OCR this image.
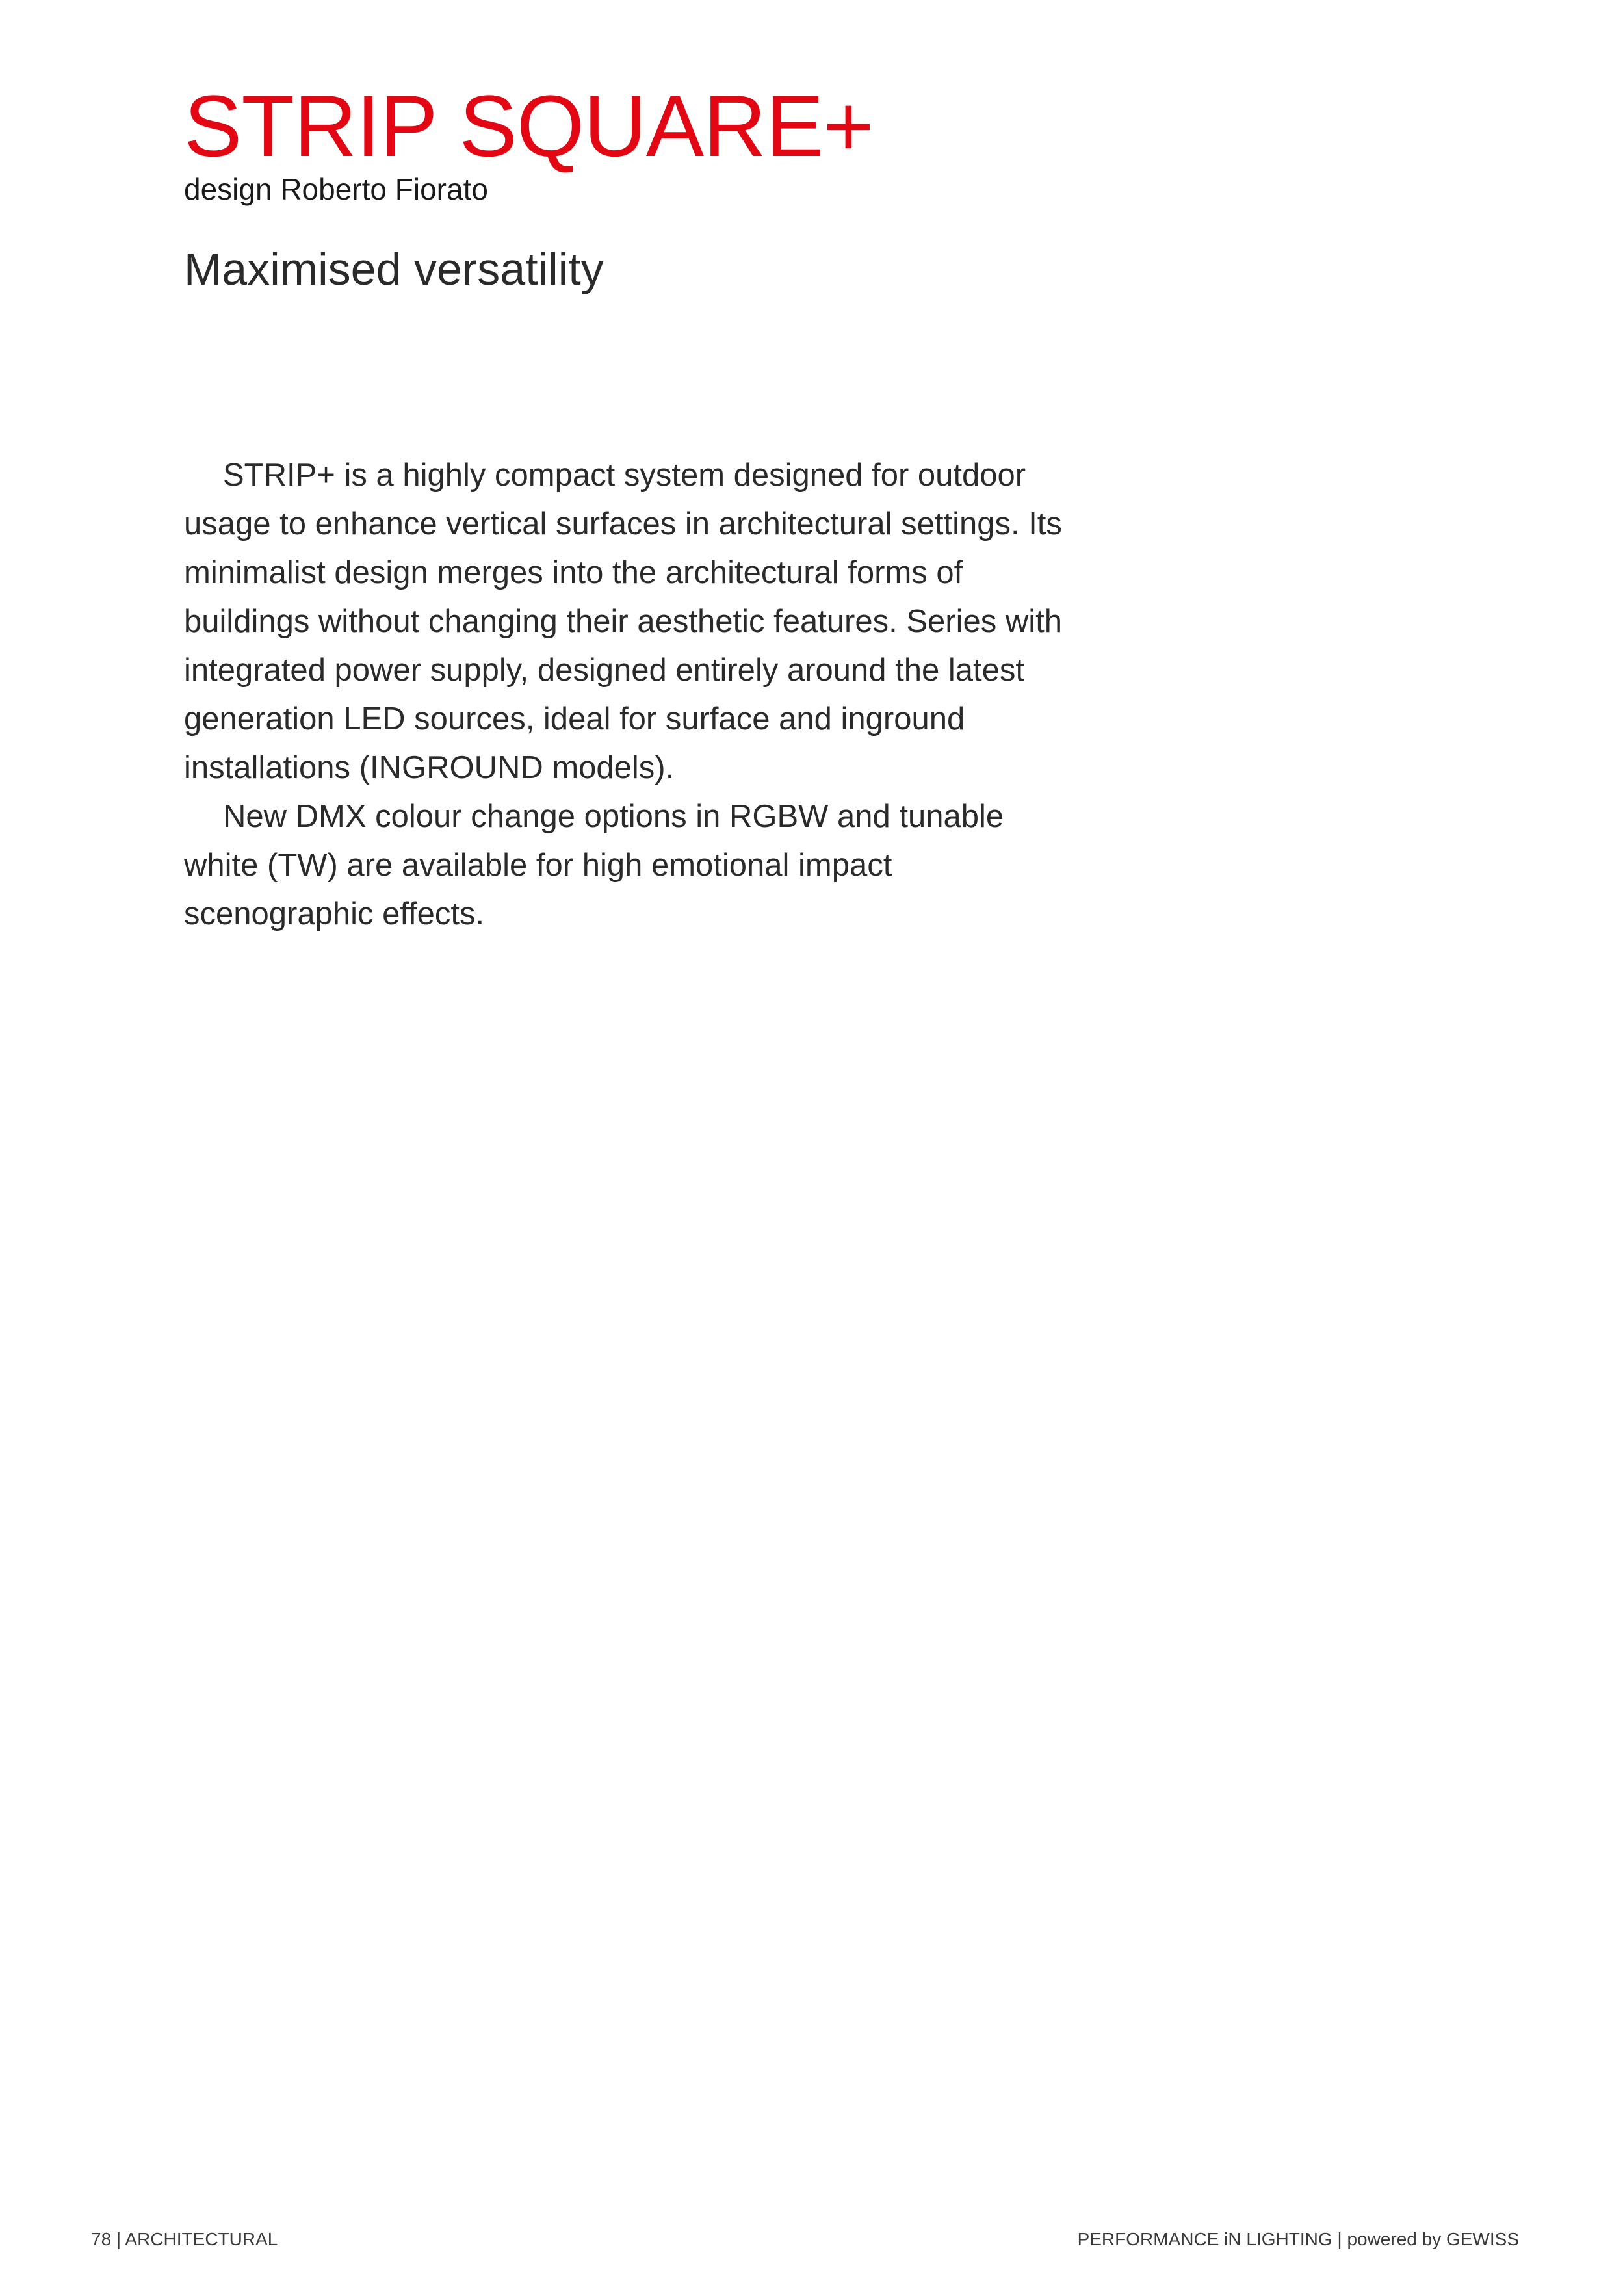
STRIP SQUARE+

design Roberto Fiorato

Maximised versatility

STRIP+ is a highly compact system designed for outdoor usage to enhance vertical surfaces in architectural settings. Its minimalist design merges into the architectural forms of buildings without changing their aesthetic features. Series with integrated power supply, designed entirely around the latest generation LED sources, ideal for surface and inground installations (INGROUND models).

New DMX colour change options in RGBW and tunable white (TW) are available for high emotional impact scenographic effects.

78 | ARCHITECTURAL	PERFORMANCE iN LIGHTING | powered by GEWISS
